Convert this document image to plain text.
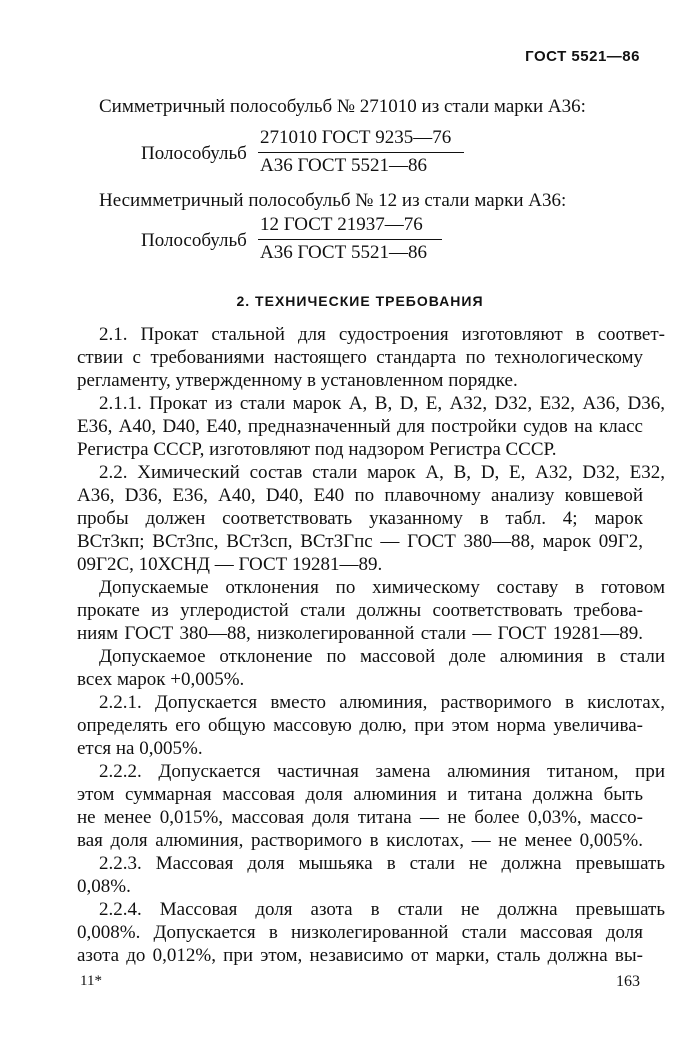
ГОСТ 5521—86
Симметричный полособульб № 271010 из стали марки А36:
Полособульб
271010 ГОСТ 9235—76
А36 ГОСТ 5521—86
Несимметричный полособульб № 12 из стали марки А36:
Полособульб
12 ГОСТ 21937—76
А36 ГОСТ 5521—86
2. ТЕХНИЧЕСКИЕ ТРЕБОВАНИЯ
2.1. Прокат стальной для судостроения изготовляют в соответ-
ствии с требованиями настоящего стандарта по технологическому
регламенту, утвержденному в установленном порядке.
2.1.1. Прокат из стали марок A, B, D, E, А32, D32, E32, А36, D36,
E36, А40, D40, E40, предназначенный для постройки судов на класс
Регистра СССР, изготовляют под надзором Регистра СССР.
2.2. Химический состав стали марок A, B, D, E, А32, D32, E32,
А36, D36, E36, А40, D40, E40 по плавочному анализу ковшевой
пробы должен соответствовать указанному в табл. 4; марок
ВСт3кп; ВСт3пс, ВСт3сп, ВСт3Гпс — ГОСТ 380—88, марок 09Г2,
09Г2С, 10ХСНД — ГОСТ 19281—89.
Допускаемые отклонения по химическому составу в готовом
прокате из углеродистой стали должны соответствовать требова-
ниям ГОСТ 380—88, низколегированной стали — ГОСТ 19281—89.
Допускаемое отклонение по массовой доле алюминия в стали
всех марок +0,005%.
2.2.1. Допускается вместо алюминия, растворимого в кислотах,
определять его общую массовую долю, при этом норма увеличива-
ется на 0,005%.
2.2.2. Допускается частичная замена алюминия титаном, при
этом суммарная массовая доля алюминия и титана должна быть
не менее 0,015%, массовая доля титана — не более 0,03%, массо-
вая доля алюминия, растворимого в кислотах, — не менее 0,005%.
2.2.3. Массовая доля мышьяка в стали не должна превышать
0,08%.
2.2.4. Массовая доля азота в стали не должна превышать
0,008%. Допускается в низколегированной стали массовая доля
азота до 0,012%, при этом, независимо от марки, сталь должна вы-
11*	163
